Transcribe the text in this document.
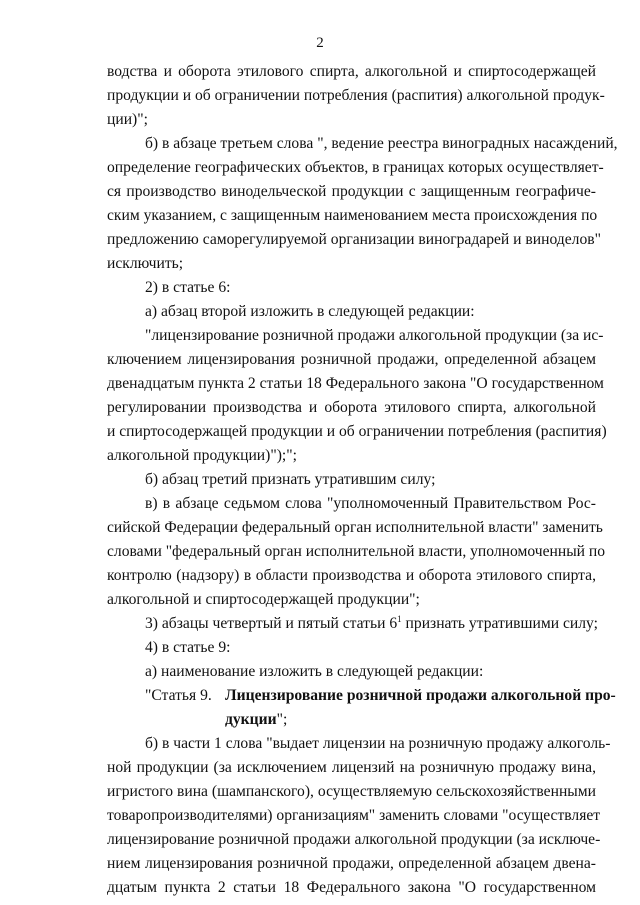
2
водства и оборота этилового спирта, алкогольной и спиртосодержащей
продукции и об ограничении потребления (распития) алкогольной продук-
ции)";
б) в абзаце третьем слова ", ведение реестра виноградных насаждений,
определение географических объектов, в границах которых осуществляет-
ся производство винодельческой продукции с защищенным географиче-
ским указанием, с защищенным наименованием места происхождения по
предложению саморегулируемой организации виноградарей и виноделов"
исключить;
2) в статье 6:
а) абзац второй изложить в следующей редакции:
"лицензирование розничной продажи алкогольной продукции (за ис-
ключением лицензирования розничной продажи, определенной абзацем
двенадцатым пункта 2 статьи 18 Федерального закона "О государственном
регулировании производства и оборота этилового спирта, алкогольной
и спиртосодержащей продукции и об ограничении потребления (распития)
алкогольной продукции)");";
б) абзац третий признать утратившим силу;
в) в абзаце седьмом слова "уполномоченный Правительством Рос-
сийской Федерации федеральный орган исполнительной власти" заменить
словами "федеральный орган исполнительной власти, уполномоченный по
контролю (надзору) в области производства и оборота этилового спирта,
алкогольной и спиртосодержащей продукции";
3) абзацы четвертый и пятый статьи $6^1$ признать утратившими силу;
4) в статье 9:
а) наименование изложить в следующей редакции:
"Статья 9. Лицензирование розничной продажи алкогольной про-
дукции";
б) в части 1 слова "выдает лицензии на розничную продажу алкоголь-
ной продукции (за исключением лицензий на розничную продажу вина,
игристого вина (шампанского), осуществляемую сельскохозяйственными
товаропроизводителями) организациям" заменить словами "осуществляет
лицензирование розничной продажи алкогольной продукции (за исключе-
нием лицензирования розничной продажи, определенной абзацем двена-
дцатым пункта 2 статьи 18 Федерального закона "О государственном
